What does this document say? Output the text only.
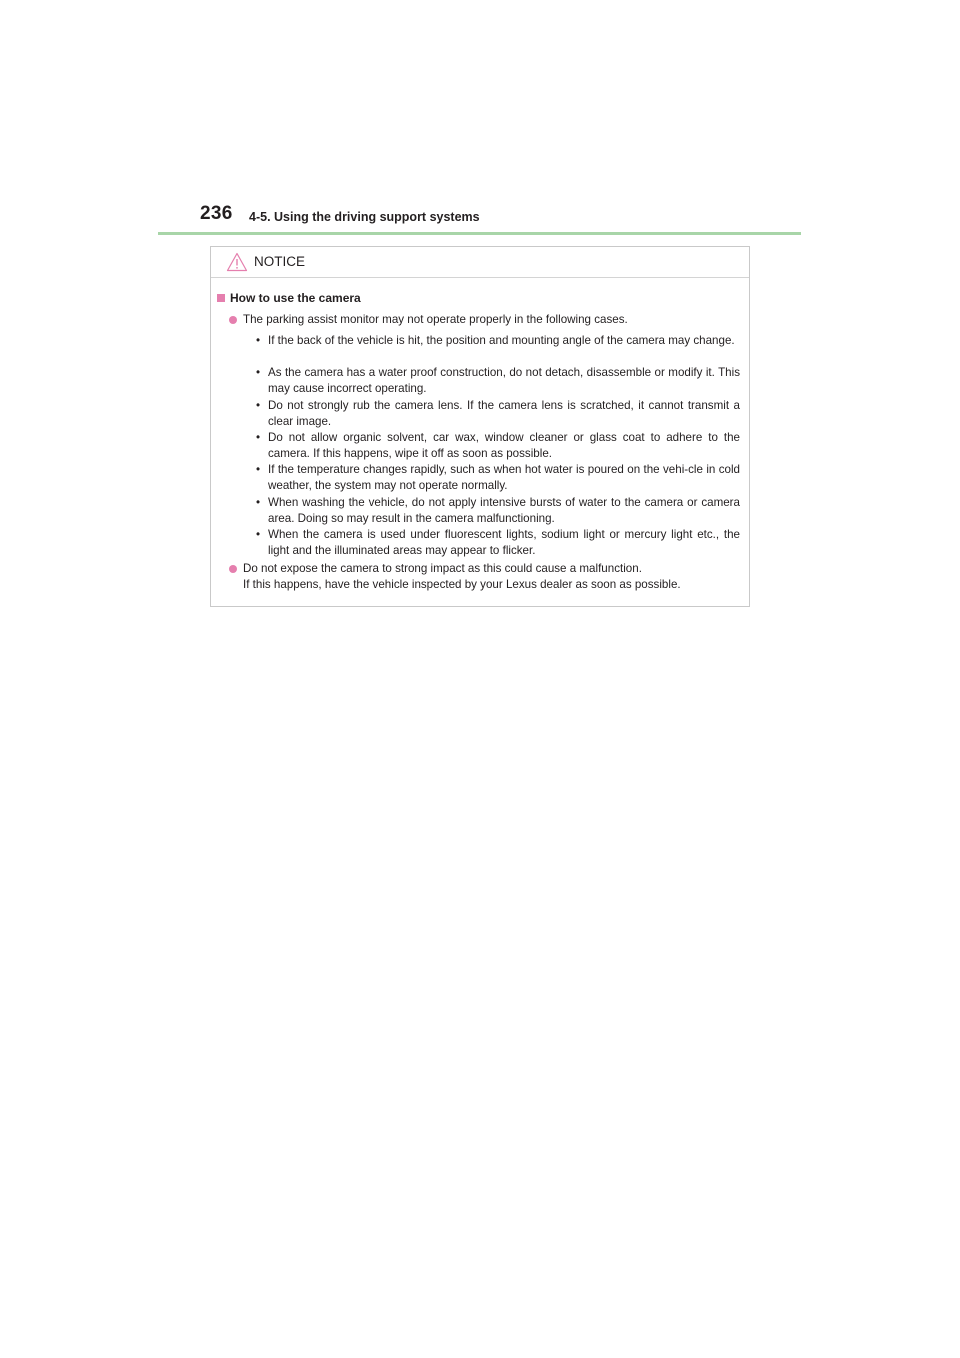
236 4-5. Using the driving support systems
NOTICE
How to use the camera
The parking assist monitor may not operate properly in the following cases.
• If the back of the vehicle is hit, the position and mounting angle of the camera may change.
• As the camera has a water proof construction, do not detach, disassemble or modify it. This may cause incorrect operating.
• Do not strongly rub the camera lens. If the camera lens is scratched, it cannot transmit a clear image.
• Do not allow organic solvent, car wax, window cleaner or glass coat to adhere to the camera. If this happens, wipe it off as soon as possible.
• If the temperature changes rapidly, such as when hot water is poured on the vehi-cle in cold weather, the system may not operate normally.
• When washing the vehicle, do not apply intensive bursts of water to the camera or camera area. Doing so may result in the camera malfunctioning.
• When the camera is used under fluorescent lights, sodium light or mercury light etc., the light and the illuminated areas may appear to flicker.
Do not expose the camera to strong impact as this could cause a malfunction.
If this happens, have the vehicle inspected by your Lexus dealer as soon as possible.
